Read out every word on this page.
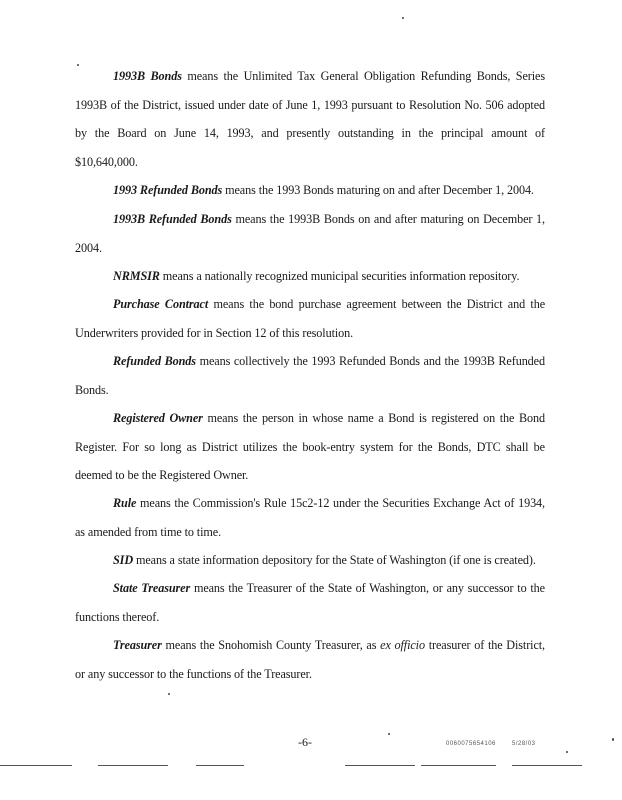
1993B Bonds means the Unlimited Tax General Obligation Refunding Bonds, Series
1993B of the District, issued under date of June 1, 1993 pursuant to Resolution No. 506 adopted by the Board on June 14, 1993, and presently outstanding in the principal amount of
$10,640,000.
1993 Refunded Bonds means the 1993 Bonds maturing on and after December 1, 2004.
1993B Refunded Bonds means the 1993B Bonds on and after maturing on December 1,
2004.
NRMSIR means a nationally recognized municipal securities information repository.
Purchase Contract means the bond purchase agreement between the District and the
Underwriters provided for in Section 12 of this resolution.
Refunded Bonds means collectively the 1993 Refunded Bonds and the 1993B Refunded
Bonds.
Registered Owner means the person in whose name a Bond is registered on the Bond
Register. For so long as District utilizes the book-entry system for the Bonds, DTC shall be
deemed to be the Registered Owner.
Rule means the Commission's Rule 15c2-12 under the Securities Exchange Act of 1934,
as amended from time to time.
SID means a state information depository for the State of Washington (if one is created).
State Treasurer means the Treasurer of the State of Washington, or any successor to the
functions thereof.
Treasurer means the Snohomish County Treasurer, as ex officio treasurer of the District,
or any successor to the functions of the Treasurer.
-6-	0060075654106	5/28/03
